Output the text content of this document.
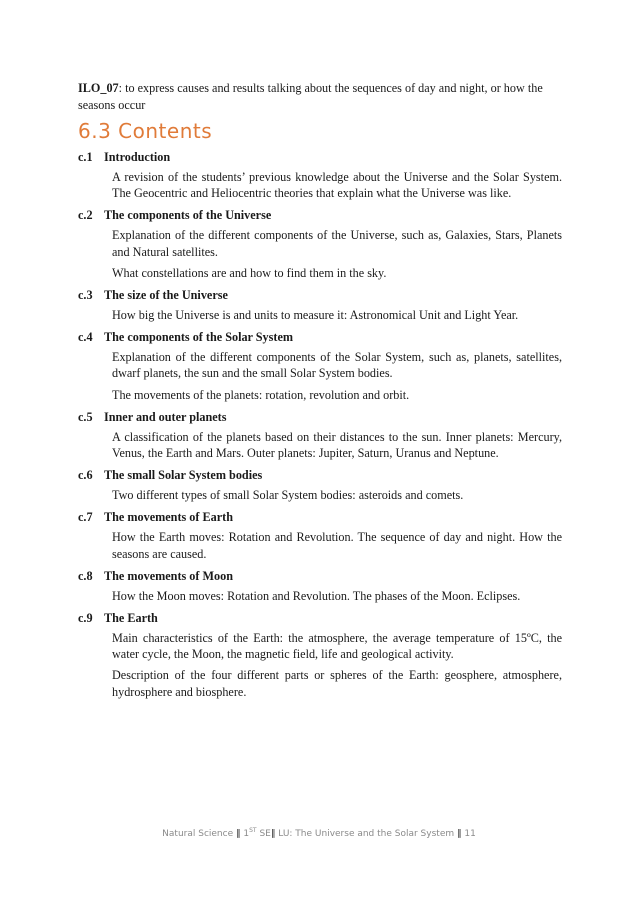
ILO_07: to express causes and results talking about the sequences of day and night, or how the seasons occur
6.3 Contents
c.1 Introduction
A revision of the students’ previous knowledge about the Universe and the Solar System. The Geocentric and Heliocentric theories that explain what the Universe was like.
c.2 The components of the Universe
Explanation of the different components of the Universe, such as, Galaxies, Stars, Planets and Natural satellites.
What constellations are and how to find them in the sky.
c.3 The size of the Universe
How big the Universe is and units to measure it: Astronomical Unit and Light Year.
c.4 The components of the Solar System
Explanation of the different components of the Solar System, such as, planets, satellites, dwarf planets, the sun and the small Solar System bodies.
The movements of the planets: rotation, revolution and orbit.
c.5 Inner and outer planets
A classification of the planets based on their distances to the sun. Inner planets: Mercury, Venus, the Earth and Mars. Outer planets: Jupiter, Saturn, Uranus and Neptune.
c.6 The small Solar System bodies
Two different types of small Solar System bodies: asteroids and comets.
c.7 The movements of Earth
How the Earth moves: Rotation and Revolution. The sequence of day and night. How the seasons are caused.
c.8 The movements of Moon
How the Moon moves: Rotation and Revolution. The phases of the Moon. Eclipses.
c.9 The Earth
Main characteristics of the Earth: the atmosphere, the average temperature of 15ºC, the water cycle, the Moon, the magnetic field, life and geological activity.
Description of the four different parts or spheres of the Earth: geosphere, atmosphere, hydrosphere and biosphere.
Natural Science ‖ 1ST SE‖ LU: The Universe and the Solar System ‖ 11
